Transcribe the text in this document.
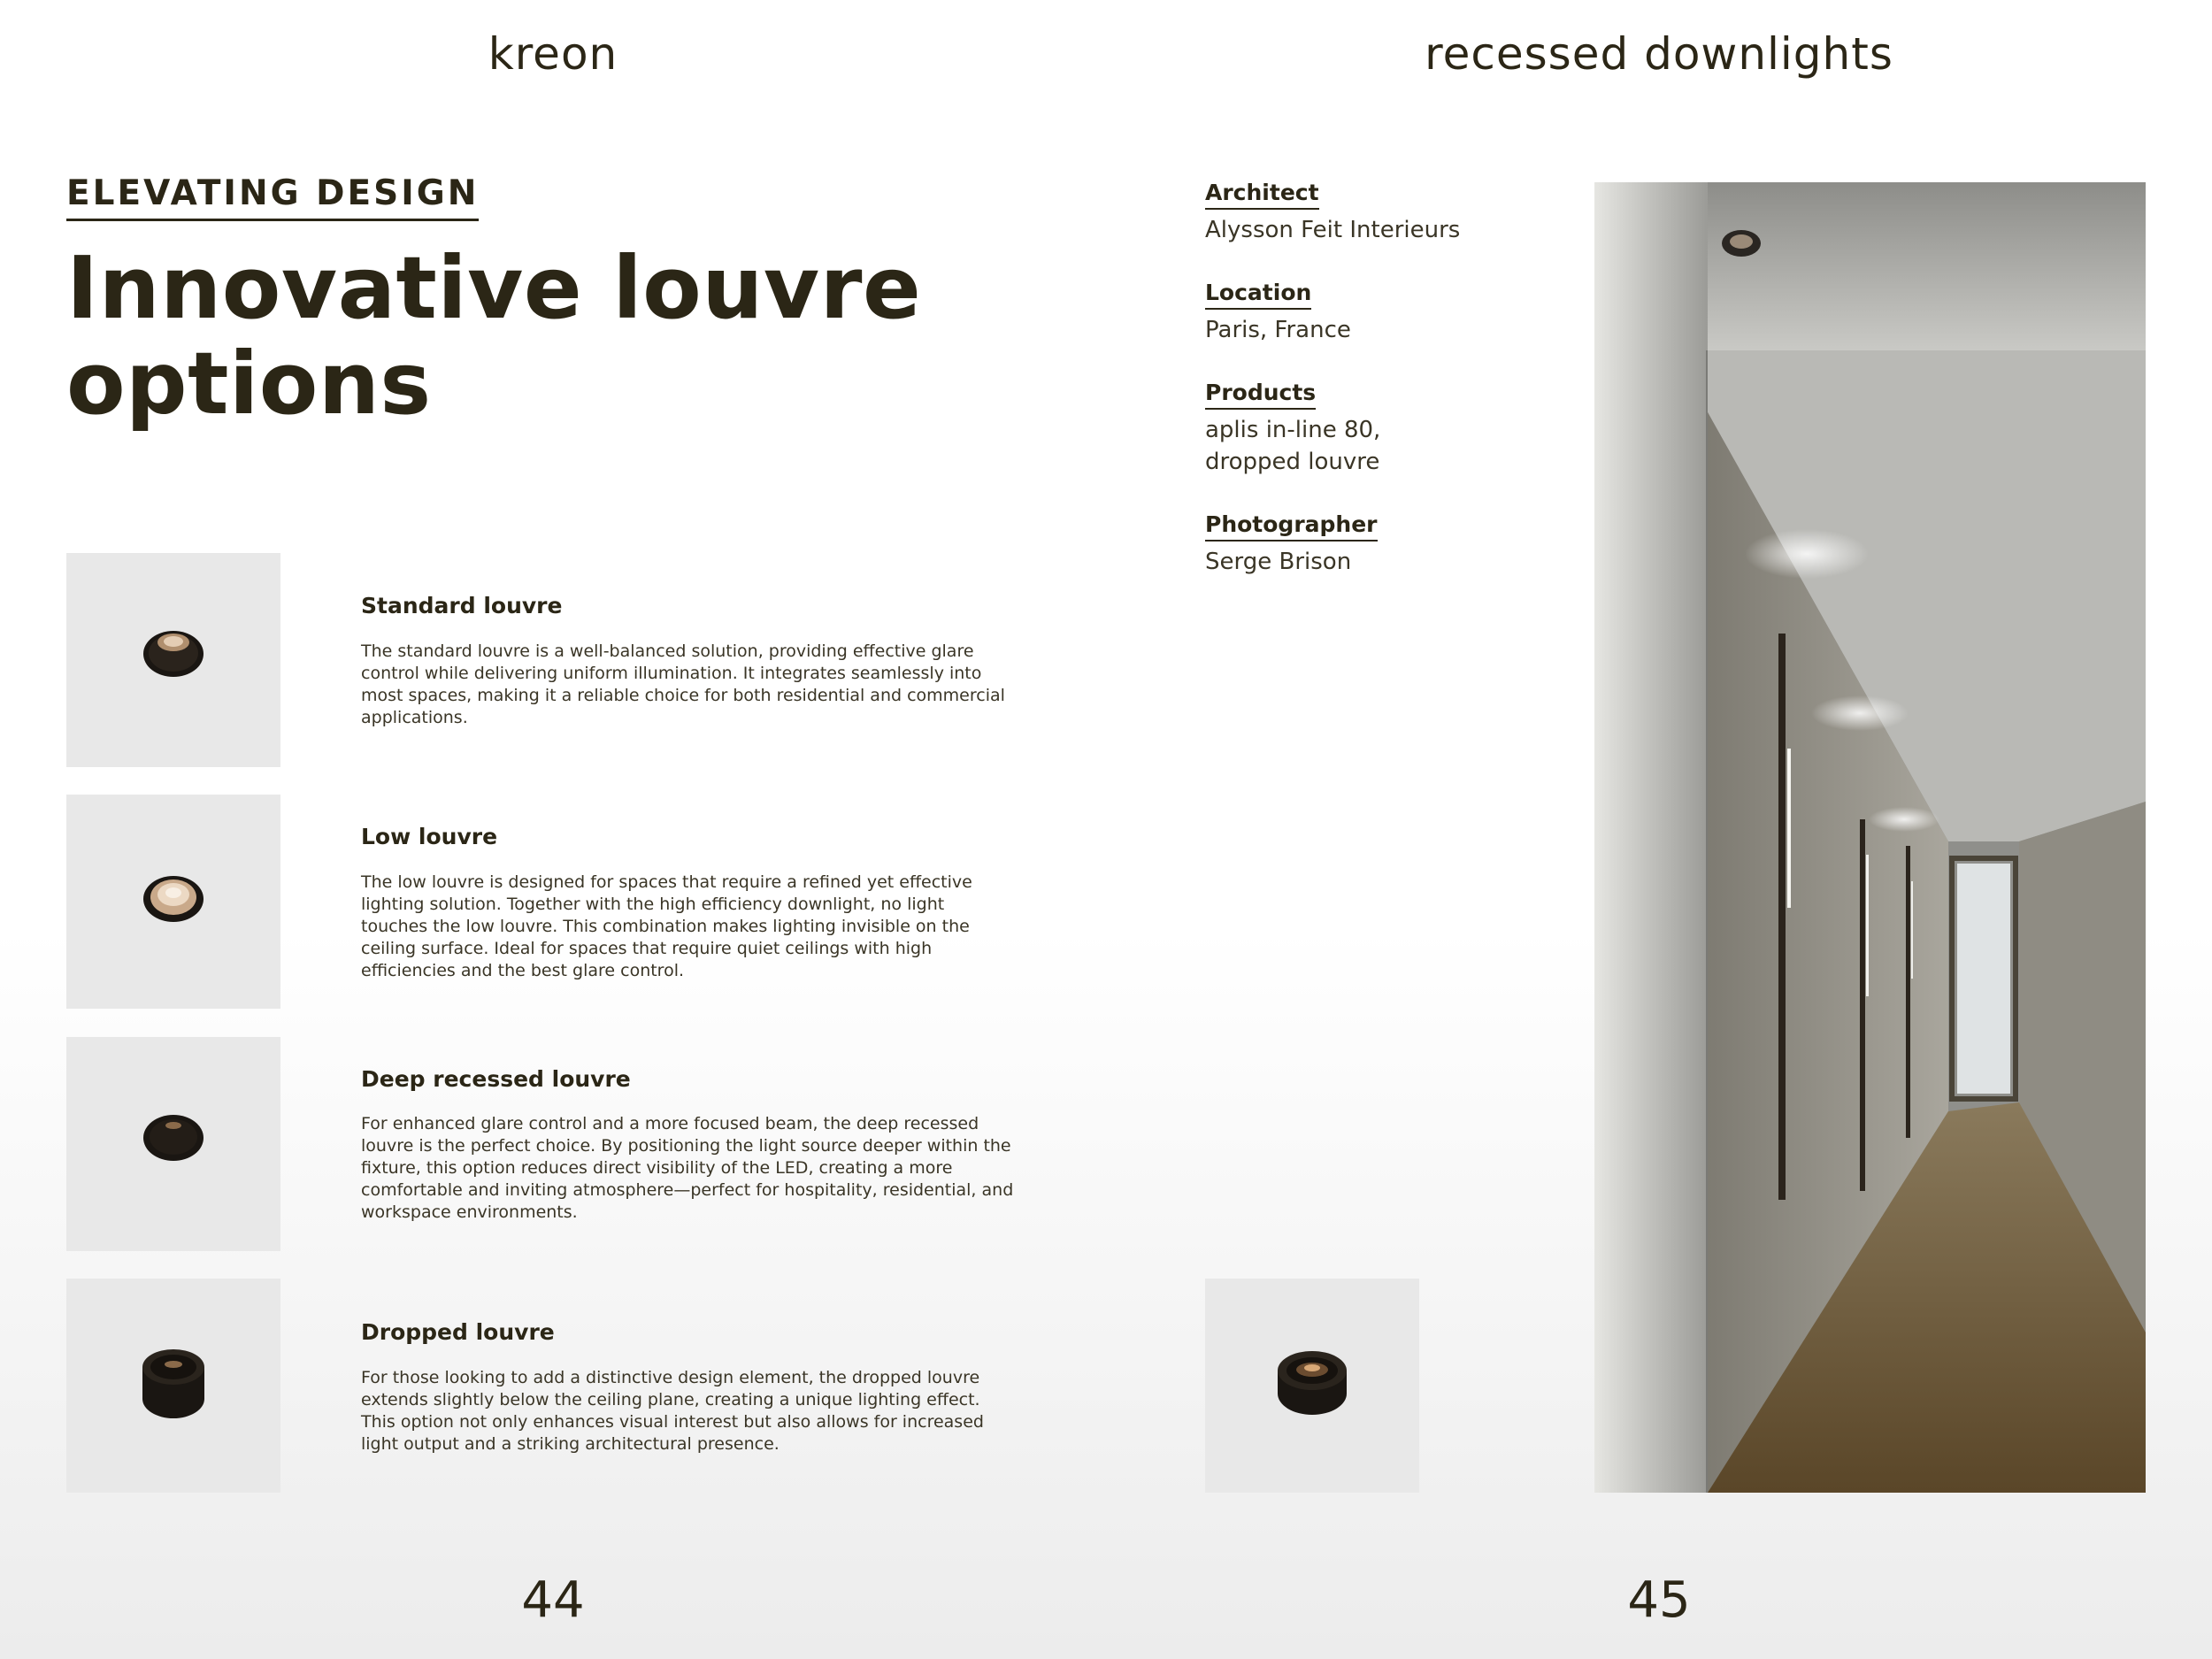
kreon	recessed downlights
ELEVATING DESIGN
Innovative louvre options
Standard louvre

The standard louvre is a well-balanced solution, providing effective glare control while delivering uniform illumination. It integrates seamlessly into most spaces, making it a reliable choice for both residential and commercial applications.

Low louvre

The low louvre is designed for spaces that require a refined yet effective lighting solution. Together with the high efficiency downlight, no light touches the low louvre. This combination makes lighting invisible on the ceiling surface. Ideal for spaces that require quiet ceilings with high efficiencies and the best glare control.

Deep recessed louvre

For enhanced glare control and a more focused beam, the deep recessed louvre is the perfect choice. By positioning the light source deeper within the fixture, this option reduces direct visibility of the LED, creating a more comfortable and inviting atmosphere—perfect for hospitality, residential, and workspace environments.

Dropped louvre

For those looking to add a distinctive design element, the dropped louvre extends slightly below the ceiling plane, creating a unique lighting effect. This option not only enhances visual interest but also allows for increased light output and a striking architectural presence.

Architect
Alysson Feit Interieurs
Location
Paris, France
Products
aplis in-line 80,
dropped louvre
Photographer
Serge Brison
44	45
